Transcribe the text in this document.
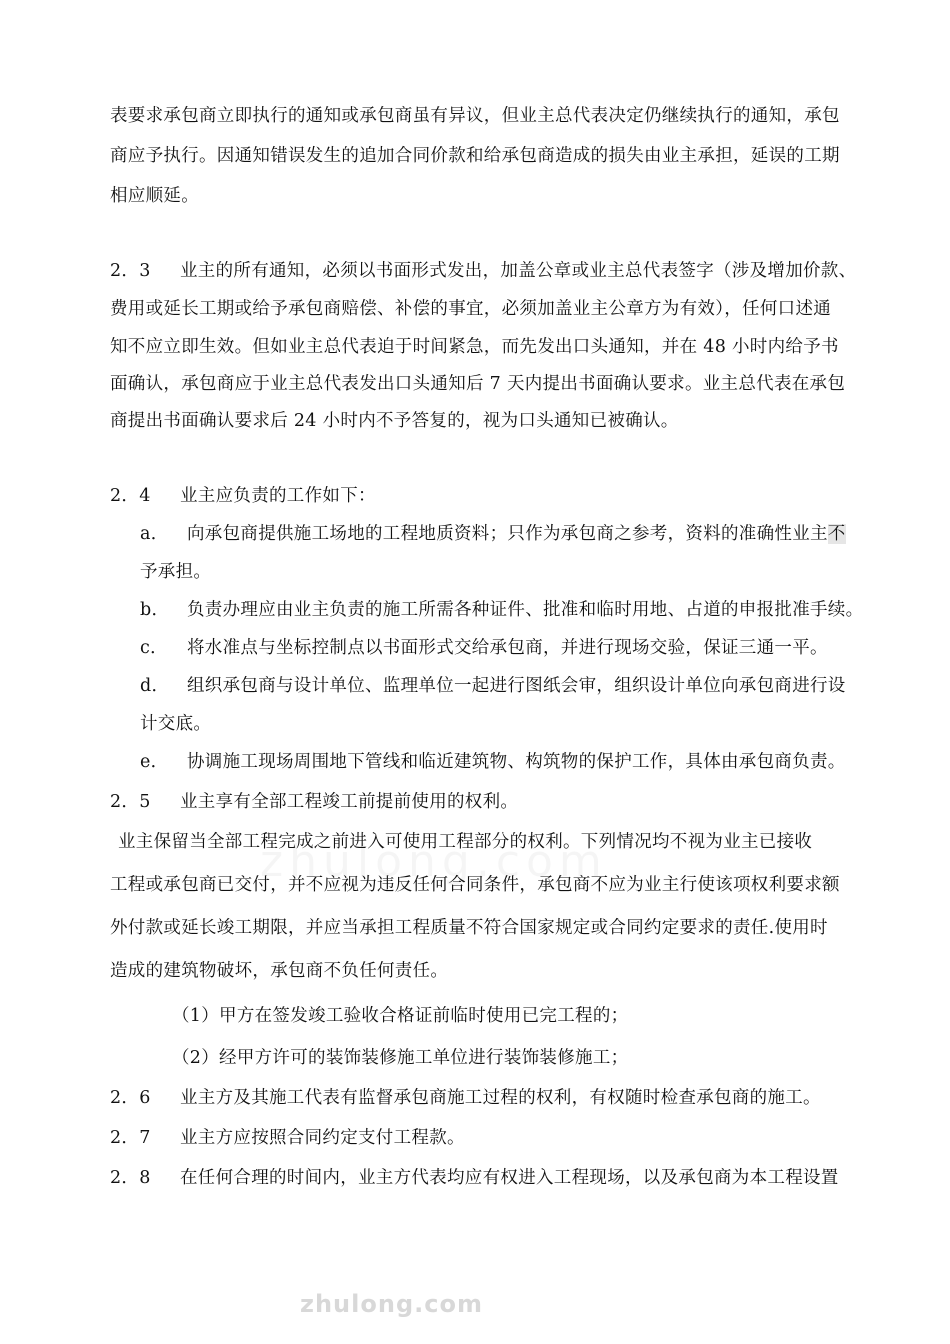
表要求承包商立即执行的通知或承包商虽有异议，但业主总代表决定仍继续执行的通知，承包
商应予执行。因通知错误发生的追加合同价款和给承包商造成的损失由业主承担，延误的工期
相应顺延。
2．3 业主的所有通知，必须以书面形式发出，加盖公章或业主总代表签字（涉及增加价款、
费用或延长工期或给予承包商赔偿、补偿的事宜，必须加盖业主公章方为有效），任何口述通
知不应立即生效。但如业主总代表迫于时间紧急，而先发出口头通知，并在 48 小时内给予书
面确认，承包商应于业主总代表发出口头通知后 7 天内提出书面确认要求。业主总代表在承包
商提出书面确认要求后 24 小时内不予答复的，视为口头通知已被确认。
2．4 业主应负责的工作如下：
a． 向承包商提供施工场地的工程地质资料；只作为承包商之参考，资料的准确性业主不
予承担。
b． 负责办理应由业主负责的施工所需各种证件、批准和临时用地、占道的申报批准手续。
c． 将水准点与坐标控制点以书面形式交给承包商，并进行现场交验，保证三通一平。
d． 组织承包商与设计单位、监理单位一起进行图纸会审，组织设计单位向承包商进行设
计交底。
e． 协调施工现场周围地下管线和临近建筑物、构筑物的保护工作，具体由承包商负责。
2．5 业主享有全部工程竣工前提前使用的权利。
业主保留当全部工程完成之前进入可使用工程部分的权利。下列情况均不视为业主已接收
工程或承包商已交付，并不应视为违反任何合同条件，承包商不应为业主行使该项权利要求额
外付款或延长竣工期限，并应当承担工程质量不符合国家规定或合同约定要求的责任.使用时
造成的建筑物破坏，承包商不负任何责任。
（1）甲方在签发竣工验收合格证前临时使用已完工程的；
（2）经甲方许可的装饰装修施工单位进行装饰装修施工；
2．6 业主方及其施工代表有监督承包商施工过程的权利，有权随时检查承包商的施工。
2．7 业主方应按照合同约定支付工程款。
2．8 在任何合理的时间内，业主方代表均应有权进入工程现场，以及承包商为本工程设置
zhulong.com
